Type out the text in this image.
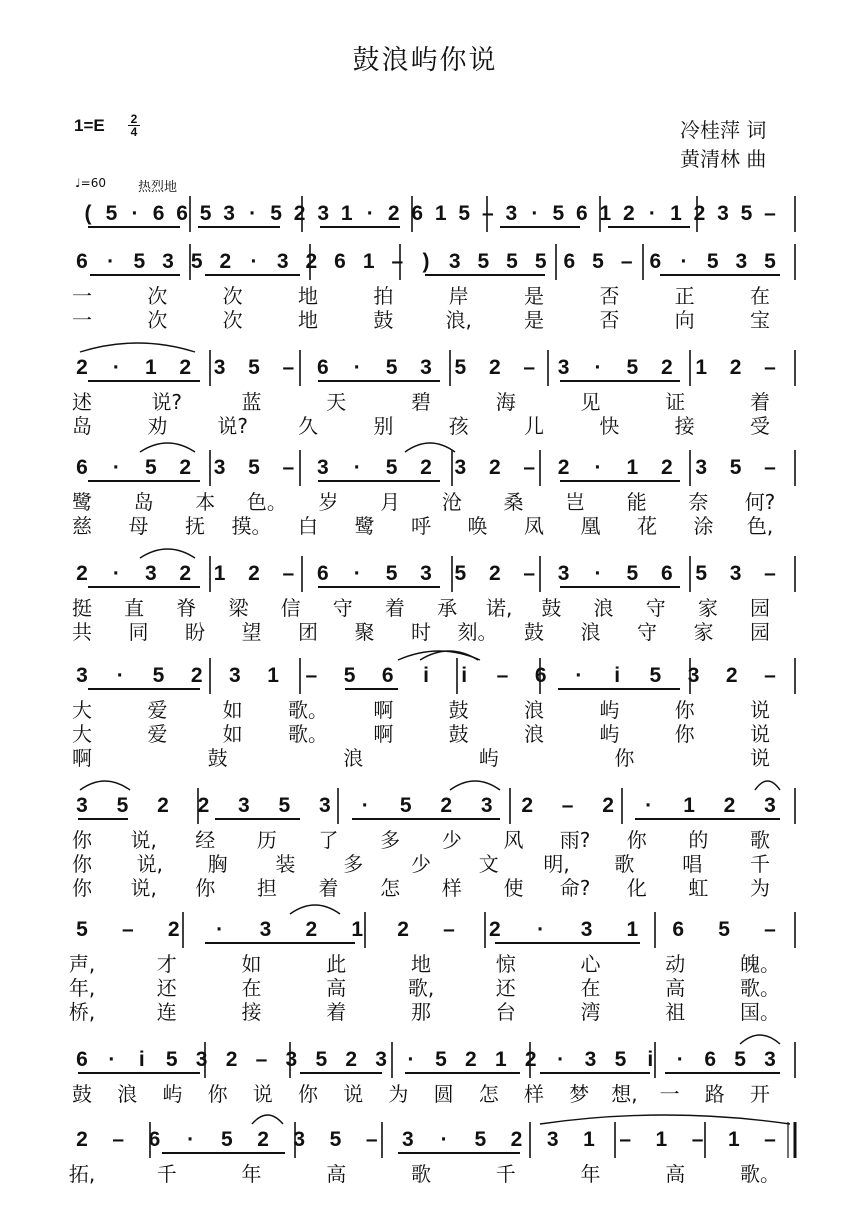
鼓浪屿你说
1=E	2
4	冷桂萍 词
黄清林 曲
♩=60 热烈地
( 5 · 6 6 5 3 · 5 2 3 1 · 2 6 1 5 – 3 · 5 6 1 2 · 1 2 3 5 –
6 · 5 3 5 2 · 3 2 6 1 – ) 3 5 5 5 6 5 – 6 · 5 3 5
一	次	次	地	拍	岸	是	否	正	在
一	次	次	地	鼓	浪,	是	否	向	宝
2 · 1 2 3 5 – 6 · 5 3 5 2 – 3 · 5 2 1 2 –
述	说?	蓝	天	碧	海	见	证	着
岛	劝	说?	久	别	孩	儿	快	接	受
6 · 5 2 3 5 – 3 · 5 2 3 2 – 2 · 1 2 3 5 –
鹭 岛 本 色。 岁 月 沧 桑 岂 能 奈 何?
慈 母 抚 摸。 白 鹭 呼 唤 凤 凰 花 涂 色,
2 · 3 2 1 2 – 6 · 5 3 5 2 – 3 · 5 6 5 3 –
挺 直 脊 梁 信 守 着 承 诺, 鼓 浪 守 家 园
共 同 盼 望 团 聚 时 刻。 鼓 浪 守 家 园
3 · 5 2 3 1 – 5 6 i i – 6 · i 5 3 2 –
大	爱	如 歌。 啊	鼓	浪	屿	你	说
大	爱	如 歌。 啊	鼓	浪	屿	你	说
啊	鼓	浪	屿	你	说
3 5 2 2 3 5 3 · 5 2 3 2 – 2 · 1 2 3
你 说, 经 历 了 多 少 风 雨? 你 的 歌
你 说, 胸 装 多 少 文 明, 歌 唱 千
你 说, 你 担 着 怎 样 使 命? 化 虹 为
5 – 2 · 3 2 1 2 – 2 · 3 1 6 5 –
声,	才	如	此	地	惊	心	动	魄。
年,	还	在	高	歌,	还	在	高	歌。
桥,	连	接	着	那	台	湾	祖	国。
6 · i 5 3 2 – 3 5 2 3 · 5 2 1 2 · 3 5 i · 6 5 3
鼓 浪 屿 你 说 你 说 为 圆 怎 样 梦 想, 一 路 开
2 – 6 · 5 2 3 5 – 3 · 5 2 3 1 – 1 – 1 –
拓,	千	年	高	歌	千	年	高	歌。
